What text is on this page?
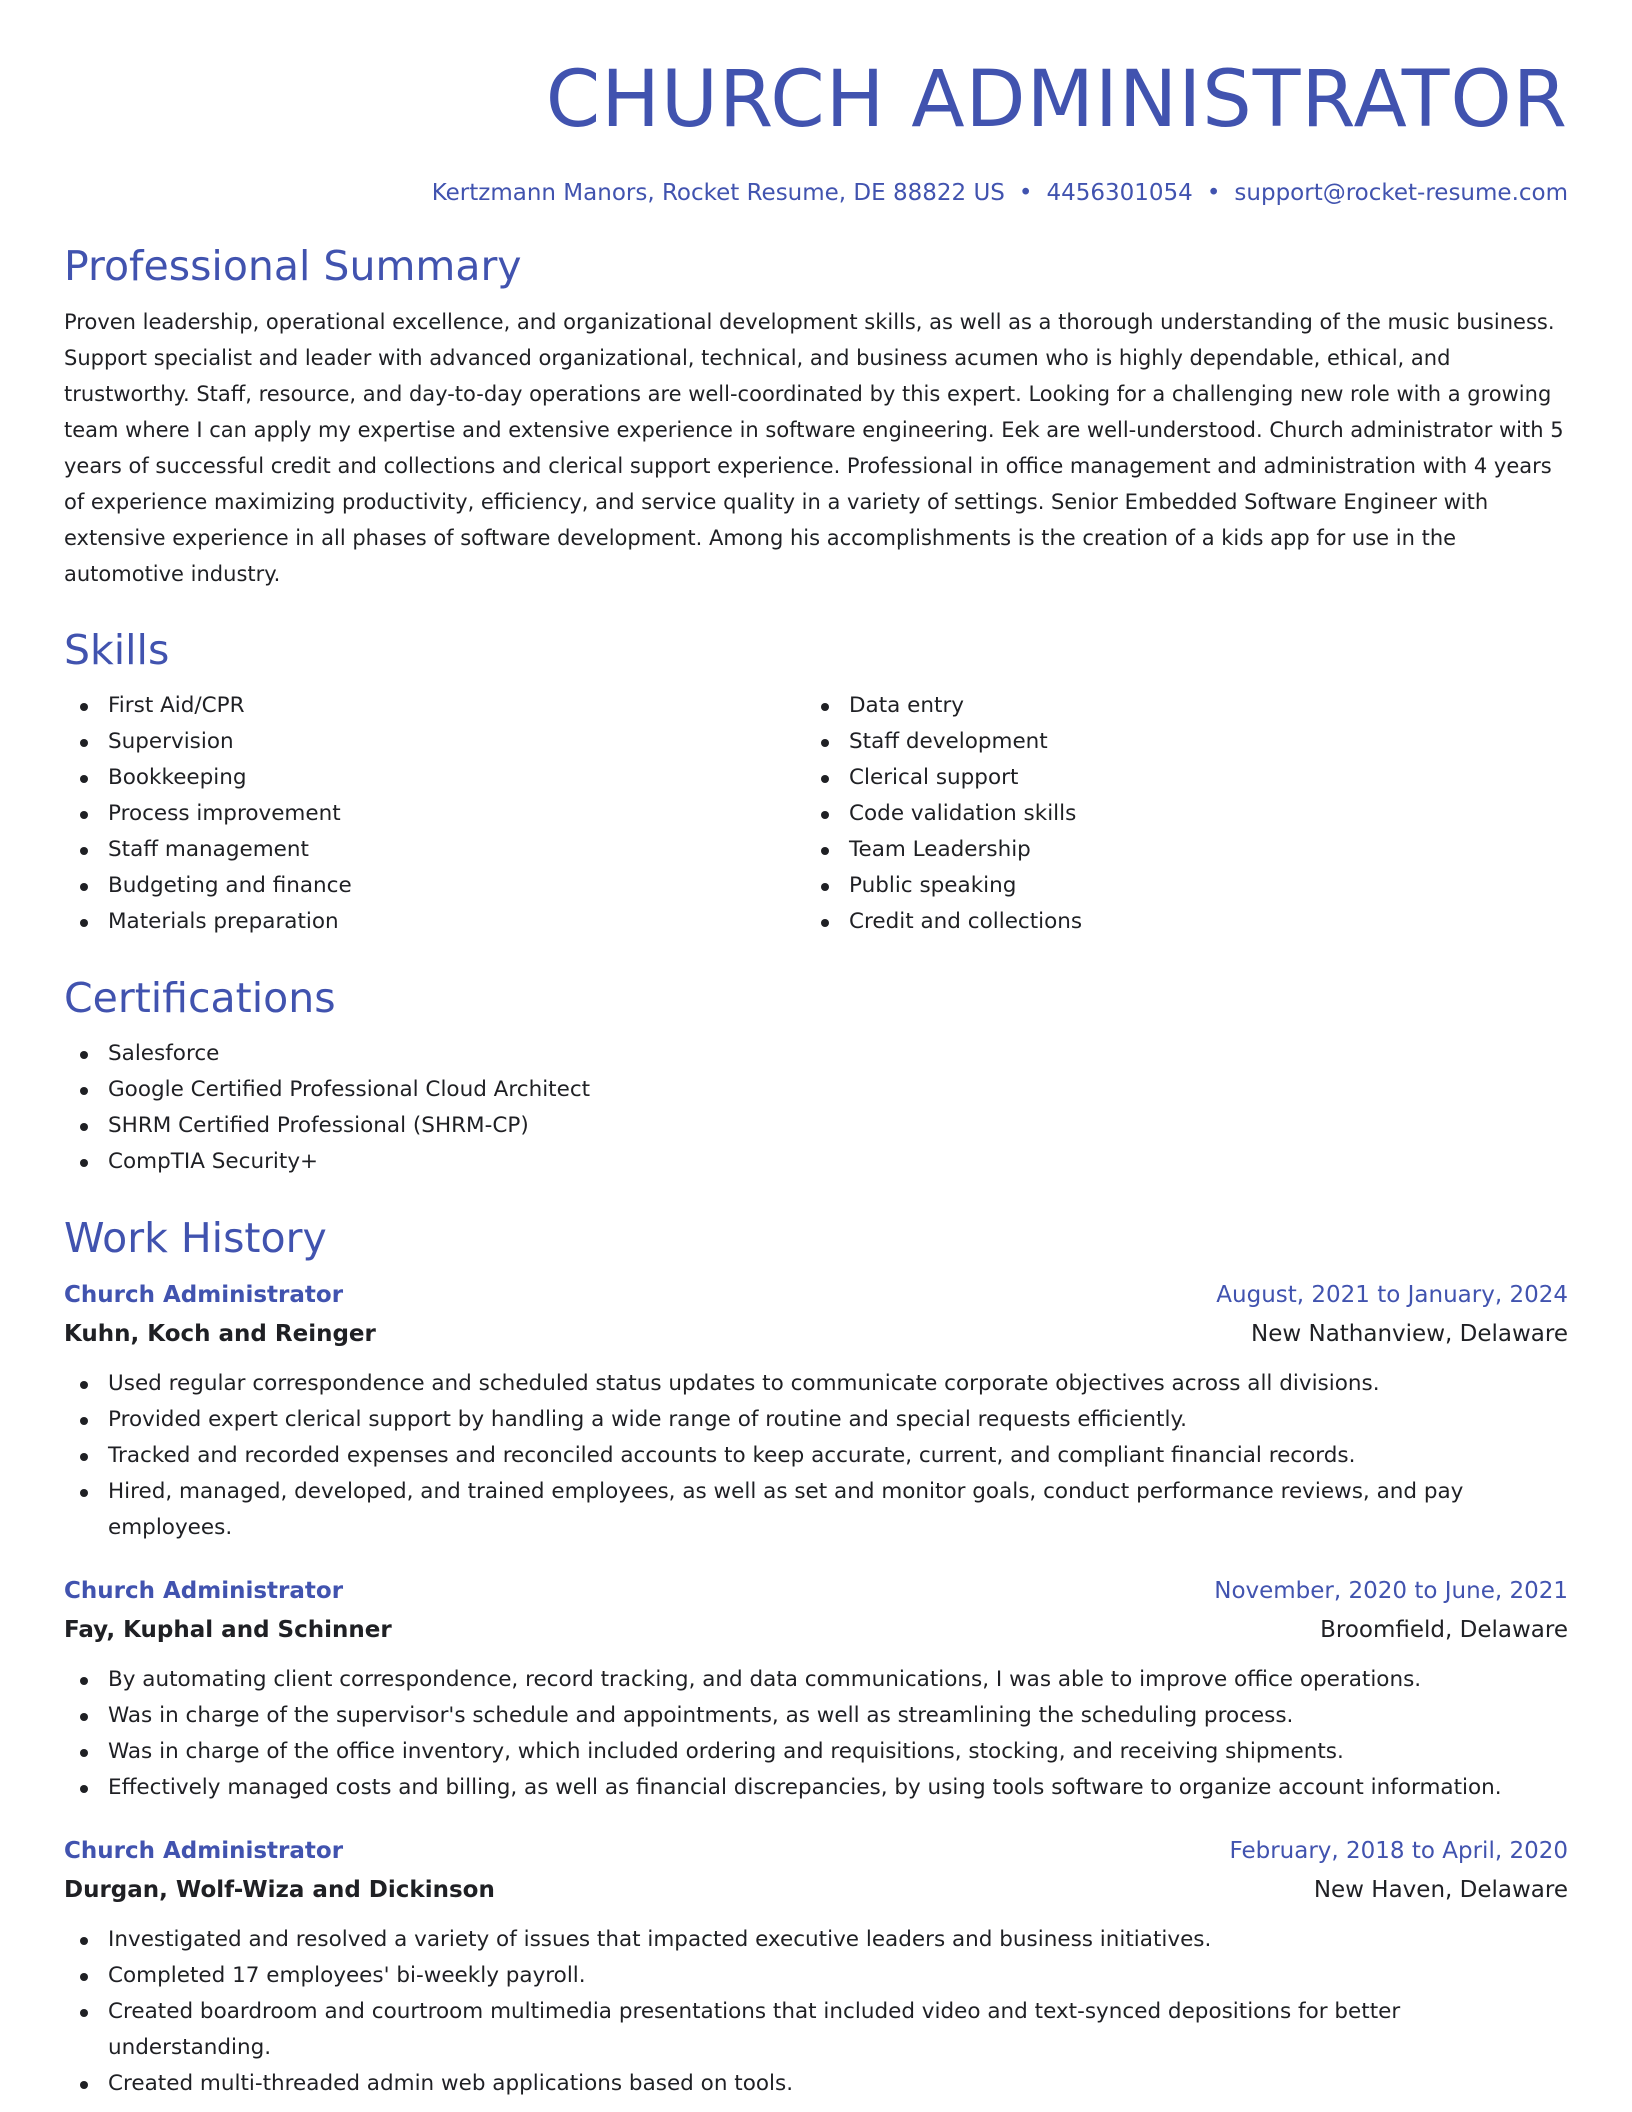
CHURCH ADMINISTRATOR
Kertzmann Manors, Rocket Resume, DE 88822 US • 4456301054 • support@rocket-resume.com
Professional Summary

Proven leadership, operational excellence, and organizational development skills, as well as a thorough understanding of the music business. Support specialist and leader with advanced organizational, technical, and business acumen who is highly dependable, ethical, and trustworthy. Staff, resource, and day-to-day operations are well-coordinated by this expert. Looking for a challenging new role with a growing team where I can apply my expertise and extensive experience in software engineering. Eek are well-understood. Church administrator with 5 years of successful credit and collections and clerical support experience. Professional in office management and administration with 4 years of experience maximizing productivity, efficiency, and service quality in a variety of settings. Senior Embedded Software Engineer with extensive experience in all phases of software development. Among his accomplishments is the creation of a kids app for use in the automotive industry.

Skills
First Aid/CPR
Supervision
Bookkeeping
Process improvement
Staff management
Budgeting and finance
Materials preparation
Data entry
Staff development
Clerical support
Code validation skills
Team Leadership
Public speaking
Credit and collections
Certifications
Salesforce
Google Certified Professional Cloud Architect
SHRM Certified Professional (SHRM-CP)
CompTIA Security+
Work History
Church Administrator	August, 2021 to January, 2024
Kuhn, Koch and Reinger	New Nathanview, Delaware
Used regular correspondence and scheduled status updates to communicate corporate objectives across all divisions.
Provided expert clerical support by handling a wide range of routine and special requests efficiently.
Tracked and recorded expenses and reconciled accounts to keep accurate, current, and compliant financial records.
Hired, managed, developed, and trained employees, as well as set and monitor goals, conduct performance reviews, and pay employees.
Church Administrator	November, 2020 to June, 2021
Fay, Kuphal and Schinner	Broomfield, Delaware
By automating client correspondence, record tracking, and data communications, I was able to improve office operations.
Was in charge of the supervisor's schedule and appointments, as well as streamlining the scheduling process.
Was in charge of the office inventory, which included ordering and requisitions, stocking, and receiving shipments.
Effectively managed costs and billing, as well as financial discrepancies, by using tools software to organize account information.
Church Administrator	February, 2018 to April, 2020
Durgan, Wolf-Wiza and Dickinson	New Haven, Delaware
Investigated and resolved a variety of issues that impacted executive leaders and business initiatives.
Completed 17 employees' bi-weekly payroll.
Created boardroom and courtroom multimedia presentations that included video and text-synced depositions for better understanding.
Created multi-threaded admin web applications based on tools.
